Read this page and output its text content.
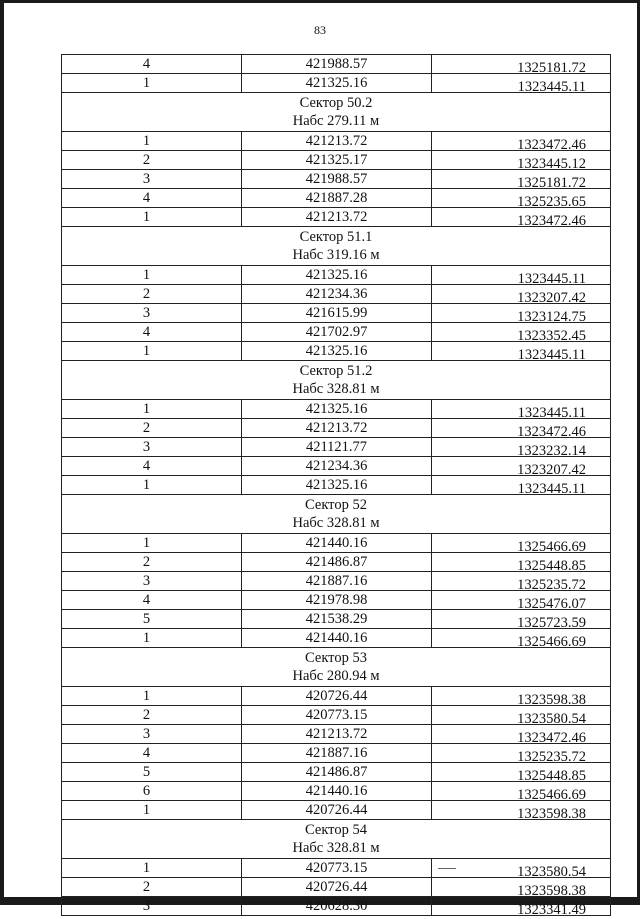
83
4	421988.57	1325181.72
1	421325.16	1323445.11
Сектор 50.2
Набс 279.11 м
1	421213.72	1323472.46
2	421325.17	1323445.12
3	421988.57	1325181.72
4	421887.28	1325235.65
1	421213.72	1323472.46
Сектор 51.1
Набс 319.16 м
1	421325.16	1323445.11
2	421234.36	1323207.42
3	421615.99	1323124.75
4	421702.97	1323352.45
1	421325.16	1323445.11
Сектор 51.2
Набс 328.81 м
1	421325.16	1323445.11
2	421213.72	1323472.46
3	421121.77	1323232.14
4	421234.36	1323207.42
1	421325.16	1323445.11
Сектор 52
Набс 328.81 м
1	421440.16	1325466.69
2	421486.87	1325448.85
3	421887.16	1325235.72
4	421978.98	1325476.07
5	421538.29	1325723.59
1	421440.16	1325466.69
Сектор 53
Набс 280.94 м
1	420726.44	1323598.38
2	420773.15	1323580.54
3	421213.72	1323472.46
4	421887.16	1325235.72
5	421486.87	1325448.85
6	421440.16	1325466.69
1	420726.44	1323598.38
Сектор 54
Набс 328.81 м
1	420773.15	1323580.54
2	420726.44	1323598.38
3	420628.30	1323341.49
